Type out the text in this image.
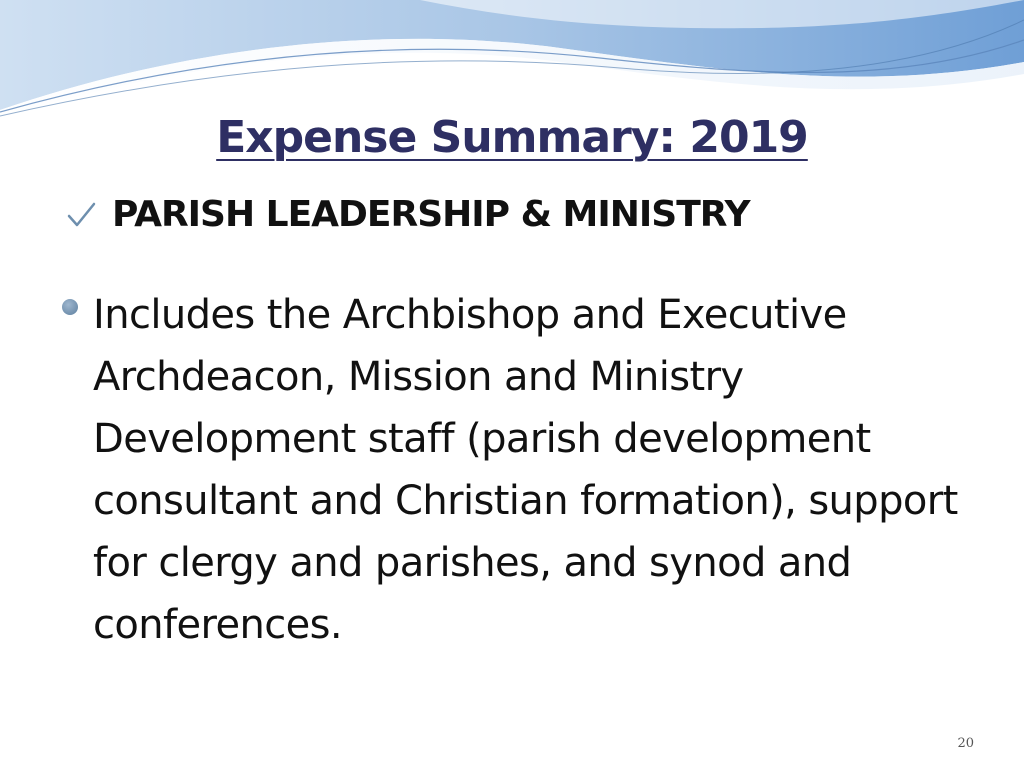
Expense Summary: 2019
PARISH LEADERSHIP & MINISTRY
Includes the Archbishop and Executive Archdeacon, Mission and Ministry Development staff (parish development consultant and Christian formation), support for clergy and parishes, and synod and conferences.
20
